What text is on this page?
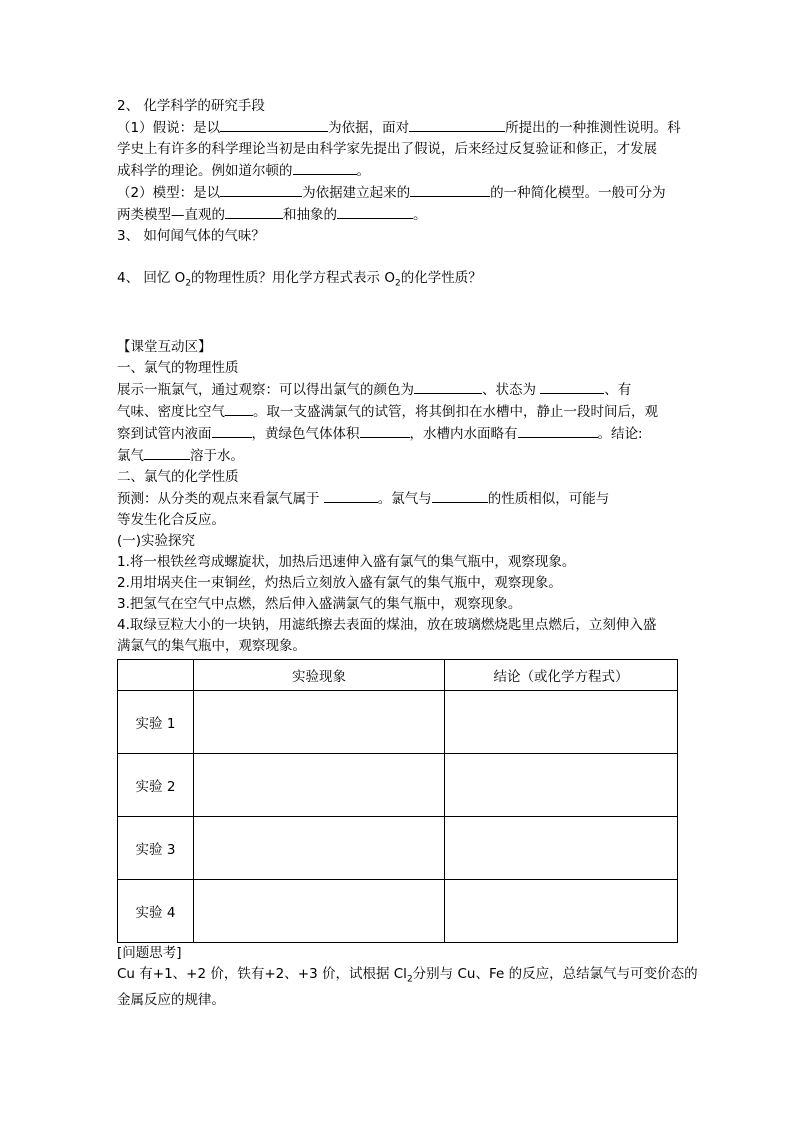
2、 化学科学的研究手段
（1）假说：是以	为依据，面对	所提出的一种推测性说明。科
学史上有许多的科学理论当初是由科学家先提出了假说，后来经过反复验证和修正，才发展
成科学的理论。例如道尔顿的	。
（2）模型：是以	为依据建立起来的	的一种简化模型。一般可分为
两类模型—直观的	和抽象的	。
3、 如何闻气体的气味？
4、 回忆 $O_2$的物理性质？用化学方程式表示 $O_2$的化学性质？
【课堂互动区】
一、氯气的物理性质
展示一瓶氯气，通过观察：可以得出氯气的颜色为	、状态为	、有
气味、密度比空气 。取一支盛满氯气的试管，将其倒扣在水槽中，静止一段时间后，观
察到试管内液面	，黄绿色气体体积	，水槽内水面略有	。结论:
氯气	溶于水。
二、氯气的化学性质
预测：从分类的观点来看氯气属于	。氯气与	的性质相似，可能与
等发生化合反应。
(一)实验探究
1.将一根铁丝弯成螺旋状，加热后迅速伸入盛有氯气的集气瓶中，观察现象。
2.用坩埚夹住一束铜丝，灼热后立刻放入盛有氯气的集气瓶中，观察现象。
3.把氢气在空气中点燃，然后伸入盛满氯气的集气瓶中，观察现象。
4.取绿豆粒大小的一块钠，用滤纸擦去表面的煤油，放在玻璃燃烧匙里点燃后，立刻伸入盛
满氯气的集气瓶中，观察现象。
	实验现象	结论（或化学方程式）
实验 1		
实验 2		
实验 3		
实验 4		
[问题思考]
Cu 有+1、+2 价，铁有+2、+3 价，试根据 $Cl_2$分别与 Cu、Fe 的反应，总结氯气与可变价态的
金属反应的规律。
